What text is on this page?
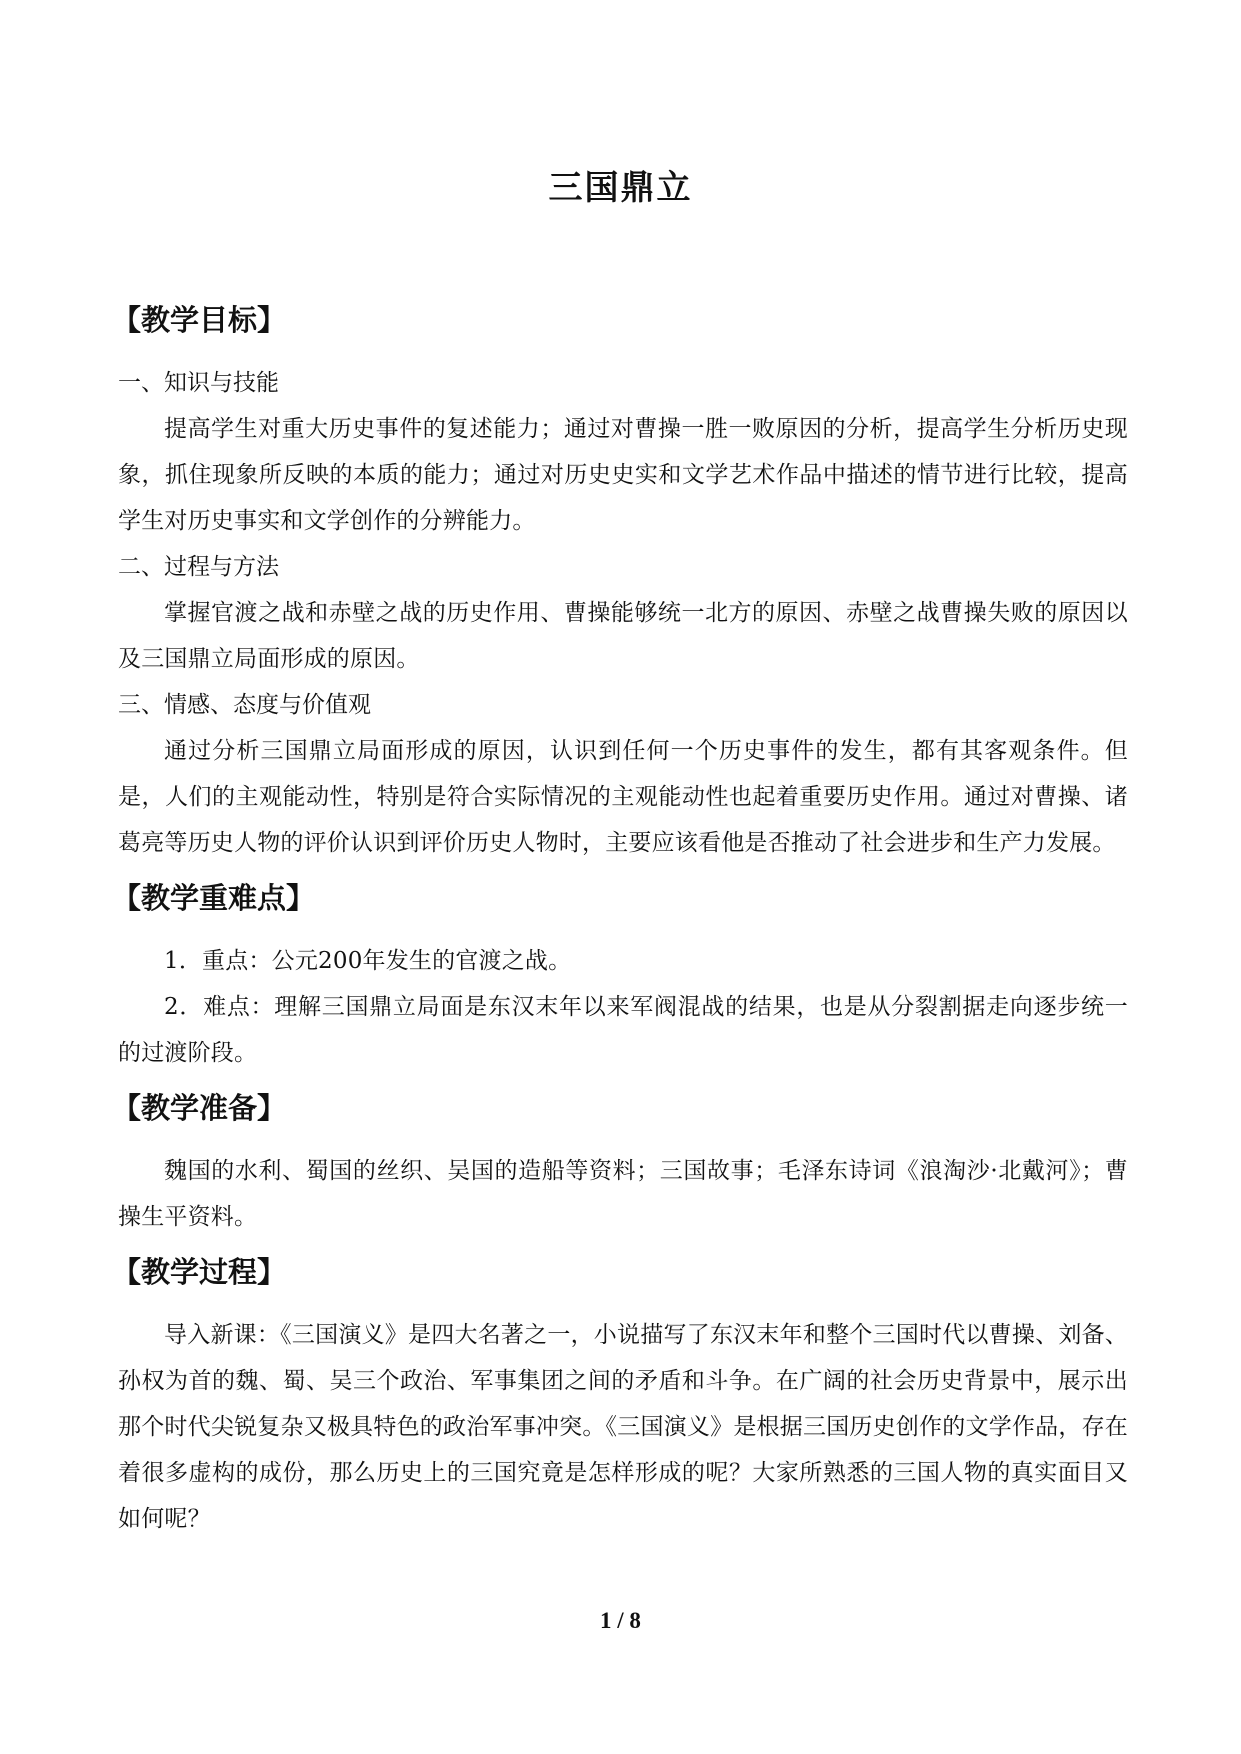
三国鼎立
【教学目标】
一、知识与技能

提高学生对重大历史事件的复述能力；通过对曹操一胜一败原因的分析，提高学生分析历史现象，抓住现象所反映的本质的能力；通过对历史史实和文学艺术作品中描述的情节进行比较，提高学生对历史事实和文学创作的分辨能力。

二、过程与方法

掌握官渡之战和赤壁之战的历史作用、曹操能够统一北方的原因、赤壁之战曹操失败的原因以及三国鼎立局面形成的原因。

三、情感、态度与价值观

通过分析三国鼎立局面形成的原因，认识到任何一个历史事件的发生，都有其客观条件。但是，人们的主观能动性，特别是符合实际情况的主观能动性也起着重要历史作用。通过对曹操、诸葛亮等历史人物的评价认识到评价历史人物时，主要应该看他是否推动了社会进步和生产力发展。

【教学重难点】

1．重点：公元200年发生的官渡之战。

2．难点：理解三国鼎立局面是东汉末年以来军阀混战的结果，也是从分裂割据走向逐步统一的过渡阶段。

【教学准备】

魏国的水利、蜀国的丝织、吴国的造船等资料；三国故事；毛泽东诗词《浪淘沙·北戴河》；曹操生平资料。

【教学过程】

导入新课：《三国演义》是四大名著之一，小说描写了东汉末年和整个三国时代以曹操、刘备、孙权为首的魏、蜀、吴三个政治、军事集团之间的矛盾和斗争。在广阔的社会历史背景中，展示出那个时代尖锐复杂又极具特色的政治军事冲突。《三国演义》是根据三国历史创作的文学作品，存在着很多虚构的成份，那么历史上的三国究竟是怎样形成的呢？大家所熟悉的三国人物的真实面目又如何呢？

1 / 8
